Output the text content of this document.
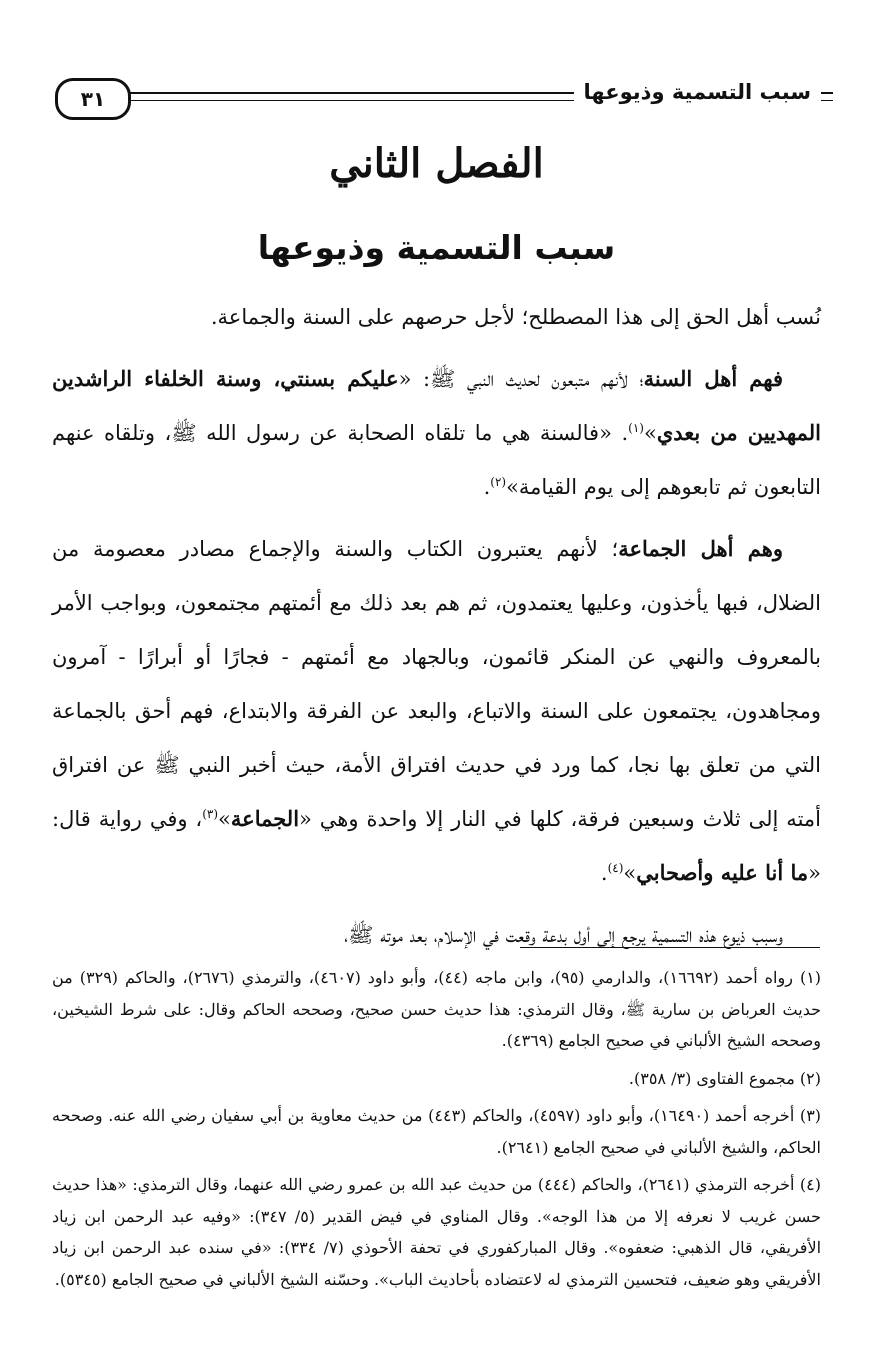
سبب التسمية وذيوعها
٣١
الفصل الثاني
سبب التسمية وذيوعها

نُسب أهل الحق إلى هذا المصطلح؛ لأجل حرصهم على السنة والجماعة.

فهم أهل السنة؛ لأنهم متبعون لحديث النبي ﷺ: «عليكم بسنتي، وسنة الخلفاء الراشدين المهديين من بعدي»$^{(١)}$. «فالسنة هي ما تلقاه الصحابة عن رسول الله ﷺ، وتلقاه عنهم التابعون ثم تابعوهم إلى يوم القيامة»$^{(٢)}$.

وهم أهل الجماعة؛ لأنهم يعتبرون الكتاب والسنة والإجماع مصادر معصومة من الضلال، فبها يأخذون، وعليها يعتمدون، ثم هم بعد ذلك مع أئمتهم مجتمعون، وبواجب الأمر بالمعروف والنهي عن المنكر قائمون، وبالجهاد مع أئمتهم - فجارًا أو أبرارًا - آمرون ومجاهدون، يجتمعون على السنة والاتباع، والبعد عن الفرقة والابتداع، فهم أحق بالجماعة التي من تعلق بها نجا، كما ورد في حديث افتراق الأمة، حيث أخبر النبي ﷺ عن افتراق أمته إلى ثلاث وسبعين فرقة، كلها في النار إلا واحدة وهي «الجماعة»$^{(٣)}$، وفي رواية قال: «ما أنا عليه وأصحابي»$^{(٤)}$.

وسبب ذيوع هذه التسمية يرجع إلى أول بدعة وقعت في الإسلام، بعد موته ﷺ،

(١) رواه أحمد (١٦٦٩٢)، والدارمي (٩٥)، وابن ماجه (٤٤)، وأبو داود (٤٦٠٧)، والترمذي (٢٦٧٦)، والحاكم (٣٢٩) من حديث العرباض بن سارية ﷺ، وقال الترمذي: هذا حديث حسن صحيح، وصححه الحاكم وقال: على شرط الشيخين، وصححه الشيخ الألباني في صحيح الجامع (٤٣٦٩).

(٢) مجموع الفتاوى (٣/ ٣٥٨).

(٣) أخرجه أحمد (١٦٤٩٠)، وأبو داود (٤٥٩٧)، والحاكم (٤٤٣) من حديث معاوية بن أبي سفيان رضي الله عنه. وصححه الحاكم، والشيخ الألباني في صحيح الجامع (٢٦٤١).

(٤) أخرجه الترمذي (٢٦٤١)، والحاكم (٤٤٤) من حديث عبد الله بن عمرو رضي الله عنهما، وقال الترمذي: «هذا حديث حسن غريب لا نعرفه إلا من هذا الوجه». وقال المناوي في فيض القدير (٥/ ٣٤٧): «وفيه عبد الرحمن ابن زياد الأفريقي، قال الذهبي: ضعفوه». وقال المباركفوري في تحفة الأحوذي (٧/ ٣٣٤): «في سنده عبد الرحمن ابن زياد الأفريقي وهو ضعيف، فتحسين الترمذي له لاعتضاده بأحاديث الباب». وحسّنه الشيخ الألباني في صحيح الجامع (٥٣٤٥).
